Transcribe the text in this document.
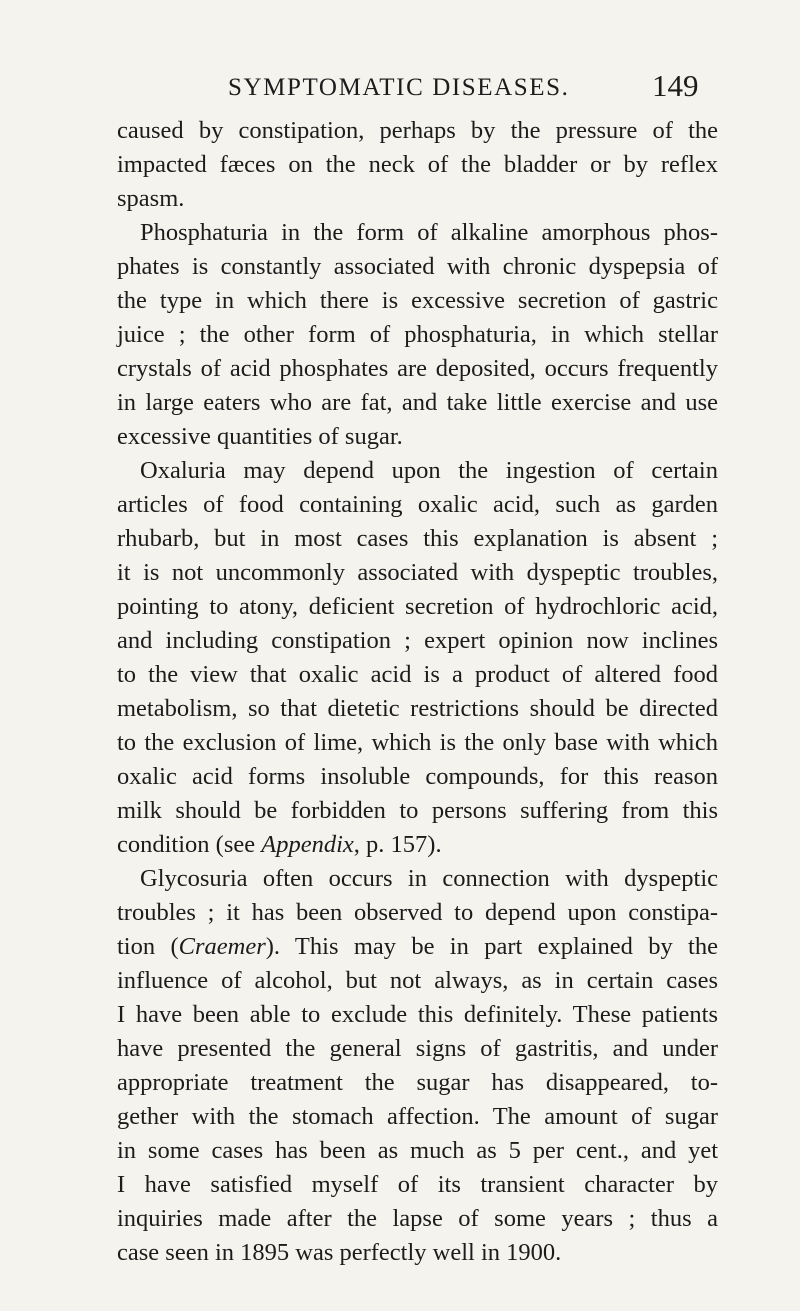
SYMPTOMATIC DISEASES.	149
caused by constipation, perhaps by the pressure of the
impacted fæces on the neck of the bladder or by reflex
spasm.
Phosphaturia in the form of alkaline amorphous phos-
phates is constantly associated with chronic dyspepsia of
the type in which there is excessive secretion of gastric
juice ; the other form of phosphaturia, in which stellar
crystals of acid phosphates are deposited, occurs frequently
in large eaters who are fat, and take little exercise and use
excessive quantities of sugar.
Oxaluria may depend upon the ingestion of certain
articles of food containing oxalic acid, such as garden
rhubarb, but in most cases this explanation is absent ;
it is not uncommonly associated with dyspeptic troubles,
pointing to atony, deficient secretion of hydrochloric acid,
and including constipation ; expert opinion now inclines
to the view that oxalic acid is a product of altered food
metabolism, so that dietetic restrictions should be directed
to the exclusion of lime, which is the only base with which
oxalic acid forms insoluble compounds, for this reason
milk should be forbidden to persons suffering from this
condition (see Appendix, p. 157).
Glycosuria often occurs in connection with dyspeptic
troubles ; it has been observed to depend upon constipa-
tion (Craemer). This may be in part explained by the
influence of alcohol, but not always, as in certain cases
I have been able to exclude this definitely. These patients
have presented the general signs of gastritis, and under
appropriate treatment the sugar has disappeared, to-
gether with the stomach affection. The amount of sugar
in some cases has been as much as 5 per cent., and yet
I have satisfied myself of its transient character by
inquiries made after the lapse of some years ; thus a
case seen in 1895 was perfectly well in 1900.
